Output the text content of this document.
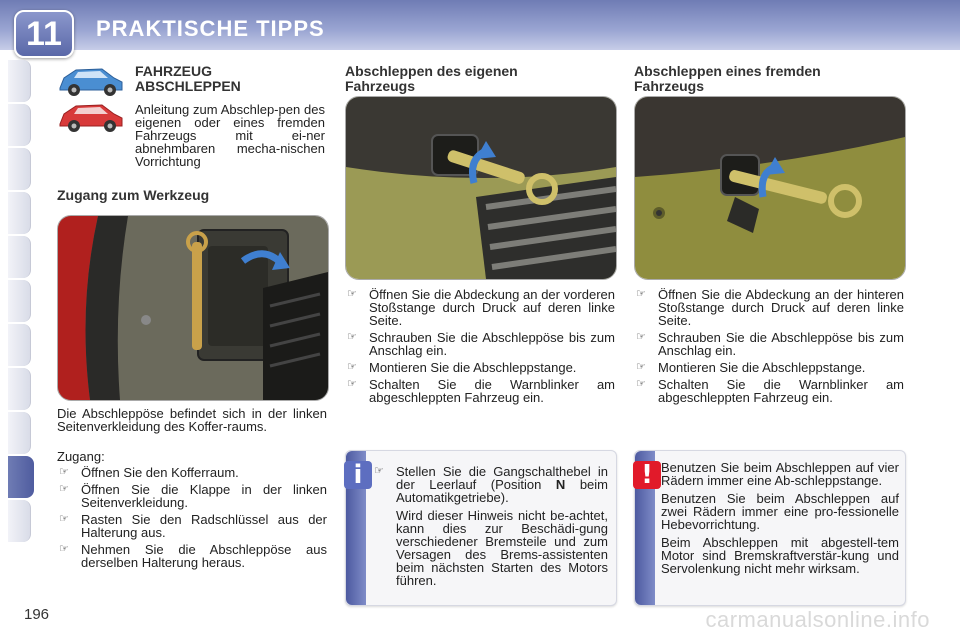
11	PRAKTISCHE TIPPS
FAHRZEUG
ABSCHLEPPEN
Anleitung zum Abschlep-pen des eigenen oder eines fremden Fahrzeugs mit ei-ner abnehmbaren mecha-nischen Vorrichtung
Zugang zum Werkzeug
Die Abschleppöse befindet sich in der linken Seitenverkleidung des Koffer-raums.
Zugang:
☞ Öffnen Sie den Kofferraum.
☞ Öffnen Sie die Klappe in der linken Seitenverkleidung.
☞ Rasten Sie den Radschlüssel aus der Halterung aus.
☞ Nehmen Sie die Abschleppöse aus derselben Halterung heraus.
Abschleppen des eigenen
Fahrzeugs
☞ Öffnen Sie die Abdeckung an der vorderen Stoßstange durch Druck auf deren linke Seite.
☞ Schrauben Sie die Abschleppöse bis zum Anschlag ein.
☞ Montieren Sie die Abschleppstange.
☞ Schalten Sie die Warnblinker am abgeschleppten Fahrzeug ein.
Abschleppen eines fremden
Fahrzeugs
☞ Öffnen Sie die Abdeckung an der hinteren Stoßstange durch Druck auf deren linke Seite.
☞ Schrauben Sie die Abschleppöse bis zum Anschlag ein.
☞ Montieren Sie die Abschleppstange.
☞ Schalten Sie die Warnblinker am abgeschleppten Fahrzeug ein.
i	☞ Stellen Sie die Gangschalthebel in der Leerlauf (Position N beim Automatikgetriebe).
Wird dieser Hinweis nicht be-achtet, kann dies zur Beschädi-gung verschiedener Bremsteile und zum Versagen des Brems-assistenten beim nächsten Starten des Motors führen.
! Benutzen Sie beim Abschleppen auf vier Rädern immer eine Ab-schleppstange.

Benutzen Sie beim Abschleppen auf zwei Rädern immer eine pro-fessionelle Hebevorrichtung.

Beim Abschleppen mit abgestell-tem Motor sind Bremskraftverstär-kung und Servolenkung nicht mehr wirksam.

196	carmanualsonline.info
